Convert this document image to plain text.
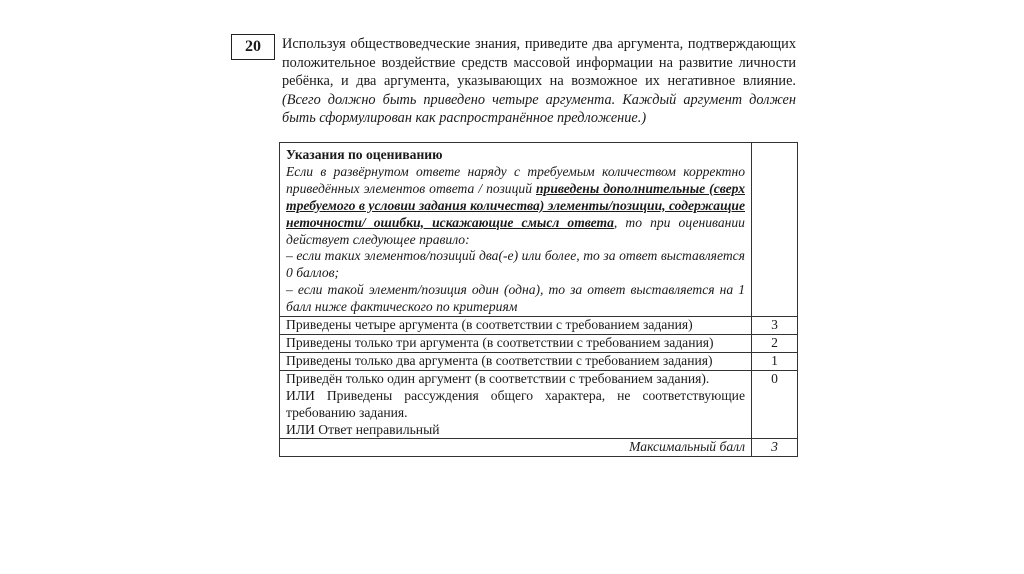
20	Используя обществоведческие знания, приведите два аргумента, подтверждающих положительное воздействие средств массовой информации на развитие личности ребёнка, и два аргумента, указывающих на возможное их негативное влияние. (Всего должно быть приведено четыре аргумента. Каждый аргумент должен быть сформулирован как распространённое предложение.)

Указания по оцениванию

Если в развёрнутом ответе наряду с требуемым количеством корректно приведённых элементов ответа / позиций приведены дополнительные (сверх требуемого в условии задания количества) элементы/позиции, содержащие неточности/ ошибки, искажающие смысл ответа, то при оценивании действует следующее правило:
– если таких элементов/позиций два(-е) или более, то за ответ выставляется 0 баллов;
– если такой элемент/позиция один (одна), то за ответ выставляется на 1 балл ниже фактического по критериям	

Приведены четыре аргумента (в соответствии с требованием задания)	3

Приведены только три аргумента (в соответствии с требованием задания)	2

Приведены только два аргумента (в соответствии с требованием задания)	1

Приведён только один аргумент (в соответствии с требованием задания).
ИЛИ Приведены рассуждения общего характера, не соответствующие требованию задания.
ИЛИ Ответ неправильный	0
Максимальный балл	3
